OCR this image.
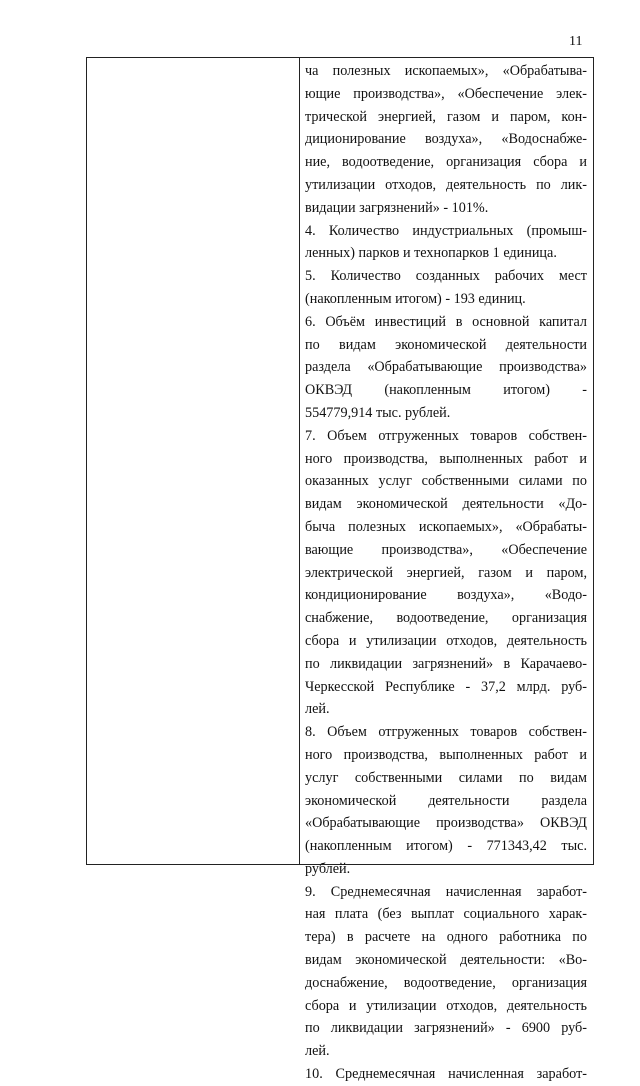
11
ча полезных ископаемых», «Обрабатыва-
ющие производства», «Обеспечение элек-
трической энергией, газом и паром, кон-
диционирование воздуха», «Водоснабже-
ние, водоотведение, организация сбора и
утилизации отходов, деятельность по лик-
видации загрязнений» - 101%.
4. Количество индустриальных (промыш-
ленных) парков и технопарков 1 единица.
5. Количество созданных рабочих мест
(накопленным итогом) - 193 единиц.
6. Объём инвестиций в основной капитал
по видам экономической деятельности
раздела «Обрабатывающие производства»
ОКВЭД (накопленным итогом) -
554779,914 тыс. рублей.
7. Объем отгруженных товаров собствен-
ного производства, выполненных работ и
оказанных услуг собственными силами по
видам экономической деятельности «До-
быча полезных ископаемых», «Обрабаты-
вающие производства», «Обеспечение
электрической энергией, газом и паром,
кондиционирование воздуха», «Водо-
снабжение, водоотведение, организация
сбора и утилизации отходов, деятельность
по ликвидации загрязнений» в Карачаево-
Черкесской Республике - 37,2 млрд. руб-
лей.
8. Объем отгруженных товаров собствен-
ного производства, выполненных работ и
услуг собственными силами по видам
экономической деятельности раздела
«Обрабатывающие производства» ОКВЭД
(накопленным итогом) - 771343,42 тыс.
рублей.
9. Среднемесячная начисленная заработ-
ная плата (без выплат социального харак-
тера) в расчете на одного работника по
видам экономической деятельности: «Во-
доснабжение, водоотведение, организация
сбора и утилизации отходов, деятельность
по ликвидации загрязнений» - 6900 руб-
лей.
10. Среднемесячная начисленная заработ-
